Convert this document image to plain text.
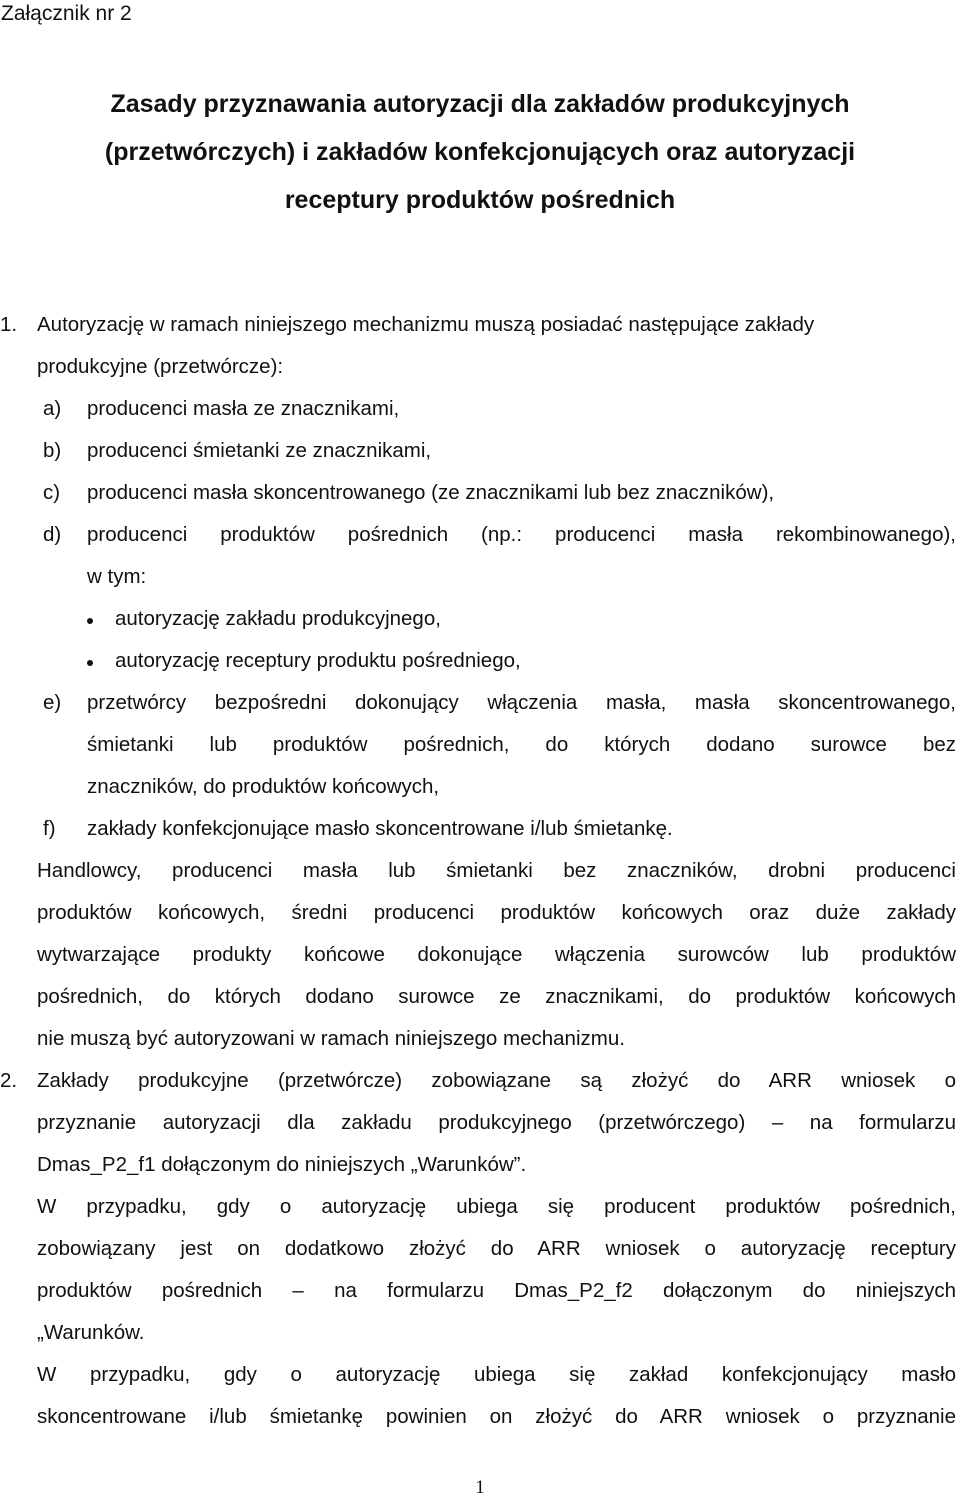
Załącznik nr 2
Zasady przyznawania autoryzacji dla zakładów produkcyjnych
(przetwórczych) i zakładów konfekcjonujących oraz autoryzacji
receptury produktów pośrednich
1. Autoryzację w ramach niniejszego mechanizmu muszą posiadać następujące zakłady
produkcyjne (przetwórcze):
a) producenci masła ze znacznikami,
b) producenci śmietanki ze znacznikami,
c) producenci masła skoncentrowanego (ze znacznikami lub bez znaczników),
d) producenci produktów pośrednich (np.: producenci masła rekombinowanego),
w tym:
autoryzację zakładu produkcyjnego,
autoryzację receptury produktu pośredniego,
e) przetwórcy bezpośredni dokonujący włączenia masła, masła skoncentrowanego,
śmietanki lub produktów pośrednich, do których dodano surowce bez
znaczników, do produktów końcowych,
f) zakłady konfekcjonujące masło skoncentrowane i/lub śmietankę.
Handlowcy, producenci masła lub śmietanki bez znaczników, drobni producenci
produktów końcowych, średni producenci produktów końcowych oraz duże zakłady
wytwarzające produkty końcowe dokonujące włączenia surowców lub produktów
pośrednich, do których dodano surowce ze znacznikami, do produktów końcowych
nie muszą być autoryzowani w ramach niniejszego mechanizmu.
2. Zakłady produkcyjne (przetwórcze) zobowiązane są złożyć do ARR wniosek o
przyznanie autoryzacji dla zakładu produkcyjnego (przetwórczego) – na formularzu
Dmas_P2_f1 dołączonym do niniejszych „Warunków”.
W przypadku, gdy o autoryzację ubiega się producent produktów pośrednich,
zobowiązany jest on dodatkowo złożyć do ARR wniosek o autoryzację receptury
produktów pośrednich – na formularzu Dmas_P2_f2 dołączonym do niniejszych
„Warunków.
W przypadku, gdy o autoryzację ubiega się zakład konfekcjonujący masło
skoncentrowane i/lub śmietankę powinien on złożyć do ARR wniosek o przyznanie
1
